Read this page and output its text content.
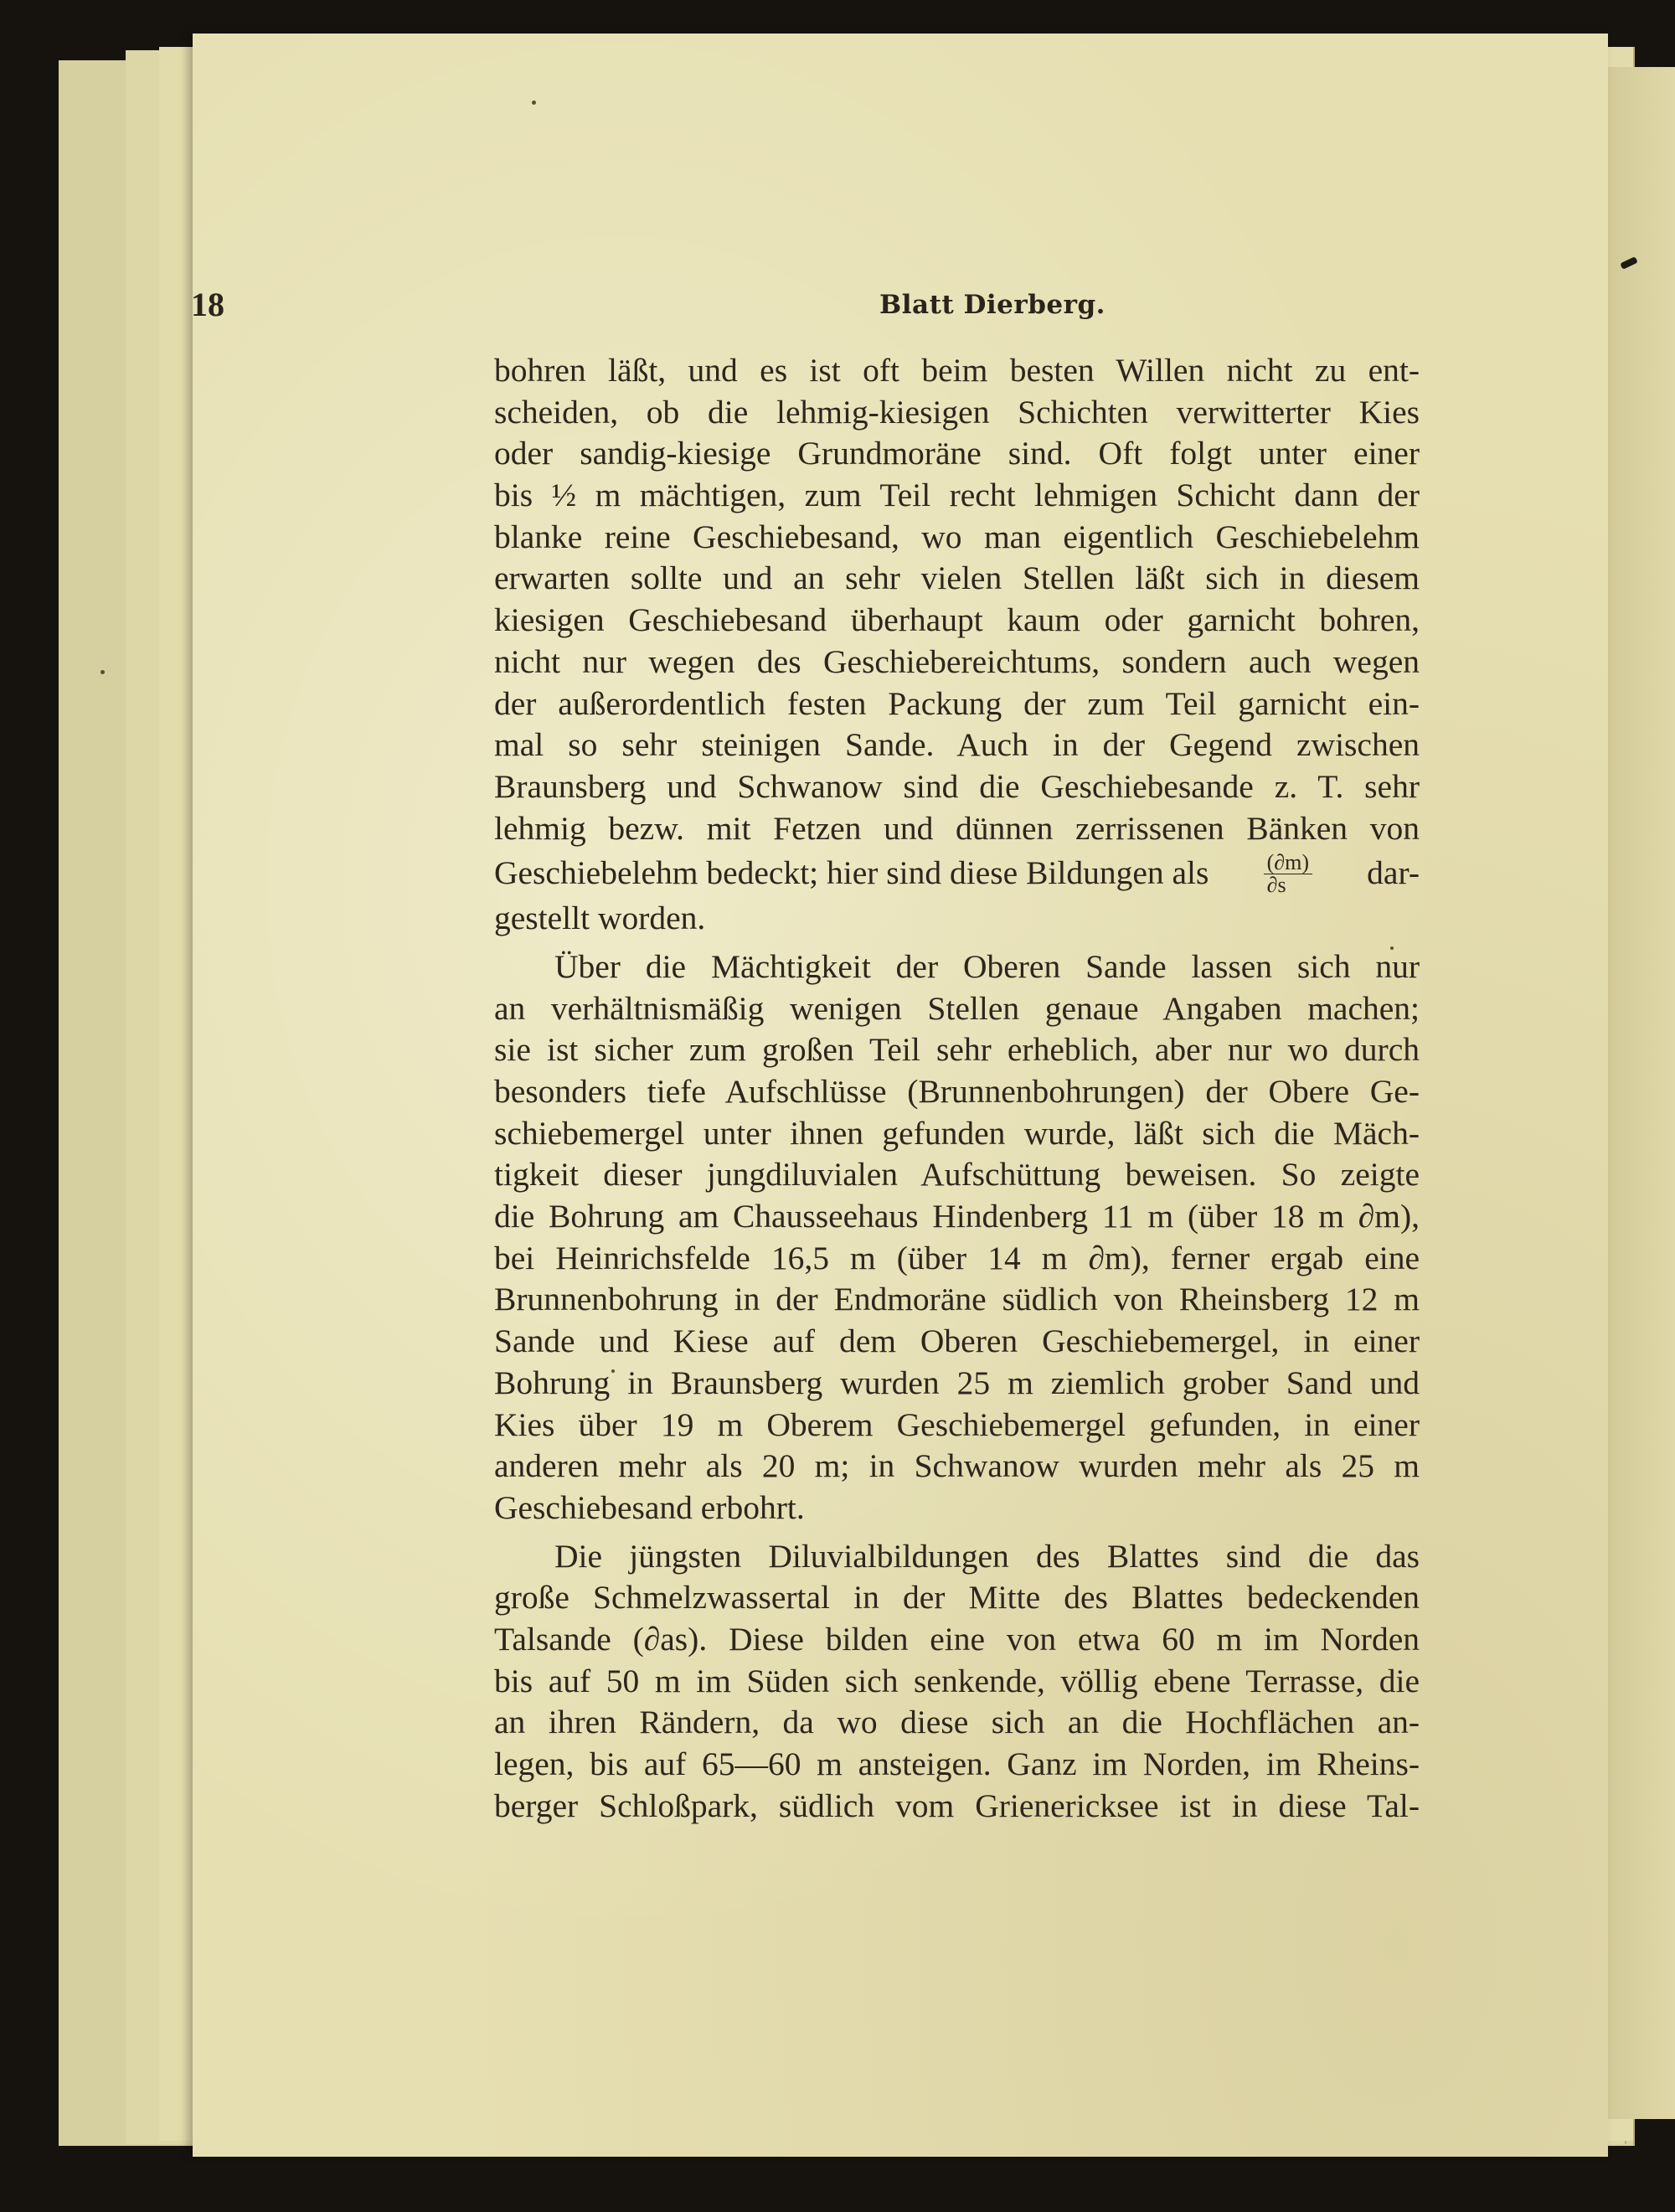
18	Blatt Dierberg.
bohren läßt, und es ist oft beim besten Willen nicht zu ent-
scheiden, ob die lehmig-kiesigen Schichten verwitterter Kies
oder sandig-kiesige Grundmoräne sind. Oft folgt unter einer
bis ½ m mächtigen, zum Teil recht lehmigen Schicht dann der
blanke reine Geschiebesand, wo man eigentlich Geschiebelehm
erwarten sollte und an sehr vielen Stellen läßt sich in diesem
kiesigen Geschiebesand überhaupt kaum oder garnicht bohren,
nicht nur wegen des Geschiebereichtums, sondern auch wegen
der außerordentlich festen Packung der zum Teil garnicht ein-
mal so sehr steinigen Sande. Auch in der Gegend zwischen
Braunsberg und Schwanow sind die Geschiebesande z. T. sehr
lehmig bezw. mit Fetzen und dünnen zerrissenen Bänken von
Geschiebelehm bedeckt; hier sind diese Bildungen als	$\frac{(\partial m)}{\partial s} dar-$
gestellt worden.
Über die Mächtigkeit der Oberen Sande lassen sich nur
an verhältnismäßig wenigen Stellen genaue Angaben machen;
sie ist sicher zum großen Teil sehr erheblich, aber nur wo durch
besonders tiefe Aufschlüsse (Brunnenbohrungen) der Obere Ge-
schiebemergel unter ihnen gefunden wurde, läßt sich die Mäch-
tigkeit dieser jungdiluvialen Aufschüttung beweisen. So zeigte
die Bohrung am Chausseehaus Hindenberg 11 m (über 18 m ∂m),
bei Heinrichsfelde 16,5 m (über 14 m ∂m), ferner ergab eine
Brunnenbohrung in der Endmoräne südlich von Rheinsberg 12 m
Sande und Kiese auf dem Oberen Geschiebemergel, in einer
Bohrung in Braunsberg wurden 25 m ziemlich grober Sand und
Kies über 19 m Oberem Geschiebemergel gefunden, in einer
anderen mehr als 20 m; in Schwanow wurden mehr als 25 m
Geschiebesand erbohrt.
Die jüngsten Diluvialbildungen des Blattes sind die das
große Schmelzwassertal in der Mitte des Blattes bedeckenden
Talsande (∂as). Diese bilden eine von etwa 60 m im Norden
bis auf 50 m im Süden sich senkende, völlig ebene Terrasse, die
an ihren Rändern, da wo diese sich an die Hochflächen an-
legen, bis auf 65—60 m ansteigen. Ganz im Norden, im Rheins-
berger Schloßpark, südlich vom Grienericksee ist in diese Tal-
